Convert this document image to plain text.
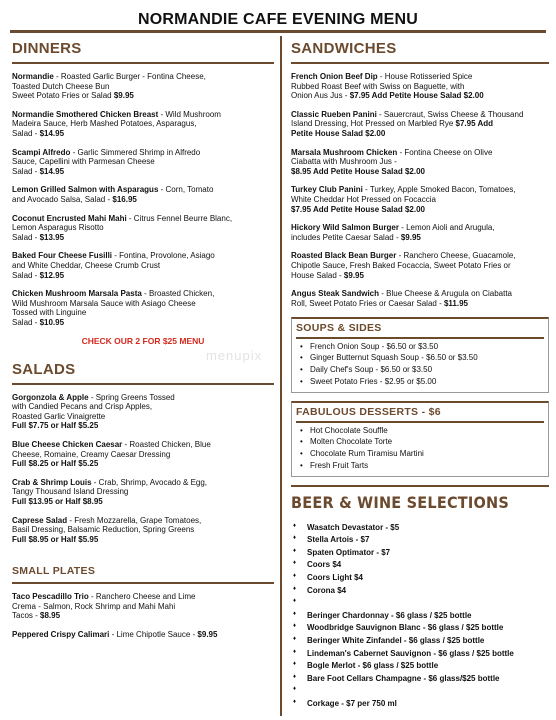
NORMANDIE CAFE EVENING MENU
DINNERS
Normandie - Roasted Garlic Burger - Fontina Cheese,
Toasted Dutch Cheese Bun
Sweet Potato Fries or Salad $9.95
Normandie Smothered Chicken Breast - Wild Mushroom
Madeira Sauce, Herb Mashed Potatoes, Asparagus,
Salad - $14.95
Scampi Alfredo - Garlic Simmered Shrimp in Alfredo
Sauce, Capellini with Parmesan Cheese
Salad - $14.95
Lemon Grilled Salmon with Asparagus - Corn, Tomato
and Avocado Salsa, Salad - $16.95
Coconut Encrusted Mahi Mahi - Citrus Fennel Beurre Blanc,
Lemon Asparagus Risotto
Salad - $13.95
Baked Four Cheese Fusilli - Fontina, Provolone, Asiago
and White Cheddar, Cheese Crumb Crust
Salad - $12.95
Chicken Mushroom Marsala Pasta - Broasted Chicken,
Wild Mushroom Marsala Sauce with Asiago Cheese
Tossed with Linguine
Salad - $10.95
CHECK OUR 2 FOR $25 MENU
SALADS
Gorgonzola & Apple - Spring Greens Tossed
with Candied Pecans and Crisp Apples,
Roasted Garlic Vinaigrette
Full $7.75 or Half $5.25
Blue Cheese Chicken Caesar - Roasted Chicken, Blue
Cheese, Romaine, Creamy Caesar Dressing
Full $8.25 or Half $5.25
Crab & Shrimp Louis - Crab, Shrimp, Avocado & Egg,
Tangy Thousand Island Dressing
Full $13.95 or Half $8.95
Caprese Salad - Fresh Mozzarella, Grape Tomatoes,
Basil Dressing, Balsamic Reduction, Spring Greens
Full $8.95 or Half $5.95
SMALL PLATES
Taco Pescadillo Trio - Ranchero Cheese and Lime
Crema - Salmon, Rock Shrimp and Mahi Mahi
Tacos - $8.95
Peppered Crispy Calimari - Lime Chipotle Sauce - $9.95
SANDWICHES
French Onion Beef Dip - House Rotisseried Spice
Rubbed Roast Beef with Swiss on Baguette, with
Onion Aus Jus - $7.95 Add Petite House Salad $2.00
Classic Rueben Panini - Sauercraut, Swiss Cheese & Thousand
Island Dressing, Hot Pressed on Marbled Rye $7.95 Add
Petite House Salad $2.00
Marsala Mushroom Chicken - Fontina Cheese on Olive
Ciabatta with Mushroom Jus -
$8.95 Add Petite House Salad $2.00
Turkey Club Panini - Turkey, Apple Smoked Bacon, Tomatoes,
White Cheddar Hot Pressed on Focaccia
$7.95 Add Petite House Salad $2.00
Hickory Wild Salmon Burger - Lemon Aioli and Arugula,
includes Petite Caesar Salad - $9.95
Roasted Black Bean Burger - Ranchero Cheese, Guacamole,
Chipotle Sauce, Fresh Baked Focaccia, Sweet Potato Fries or
House Salad - $9.95
Angus Steak Sandwich - Blue Cheese & Arugula on Ciabatta
Roll, Sweet Potato Fries or Caesar Salad - $11.95
SOUPS & SIDES
• French Onion Soup - $6.50 or $3.50
• Ginger Butternut Squash Soup - $6.50 or $3.50
• Daily Chef's Soup - $6.50 or $3.50
• Sweet Potato Fries - $2.95 or $5.00
FABULOUS DESSERTS - $6
• Hot Chocolate Souffle
• Molten Chocolate Torte
• Chocolate Rum Tiramisu Martini
• Fresh Fruit Tarts
BEER & WINE SELECTIONS
♦ Wasatch Devastator - $5
♦ Stella Artois - $7
♦ Spaten Optimator - $7
♦ Coors $4
♦ Coors Light $4
♦ Corona $4
♦
♦ Beringer Chardonnay - $6 glass / $25 bottle
♦ Woodbridge Sauvignon Blanc - $6 glass / $25 bottle
♦ Beringer White Zinfandel - $6 glass / $25 bottle
♦ Lindeman's Cabernet Sauvignon - $6 glass / $25 bottle
♦ Bogle Merlot - $6 glass / $25 bottle
♦ Bare Foot Cellars Champagne - $6 glass/$25 bottle
♦
♦ Corkage - $7 per 750 ml
menupix
